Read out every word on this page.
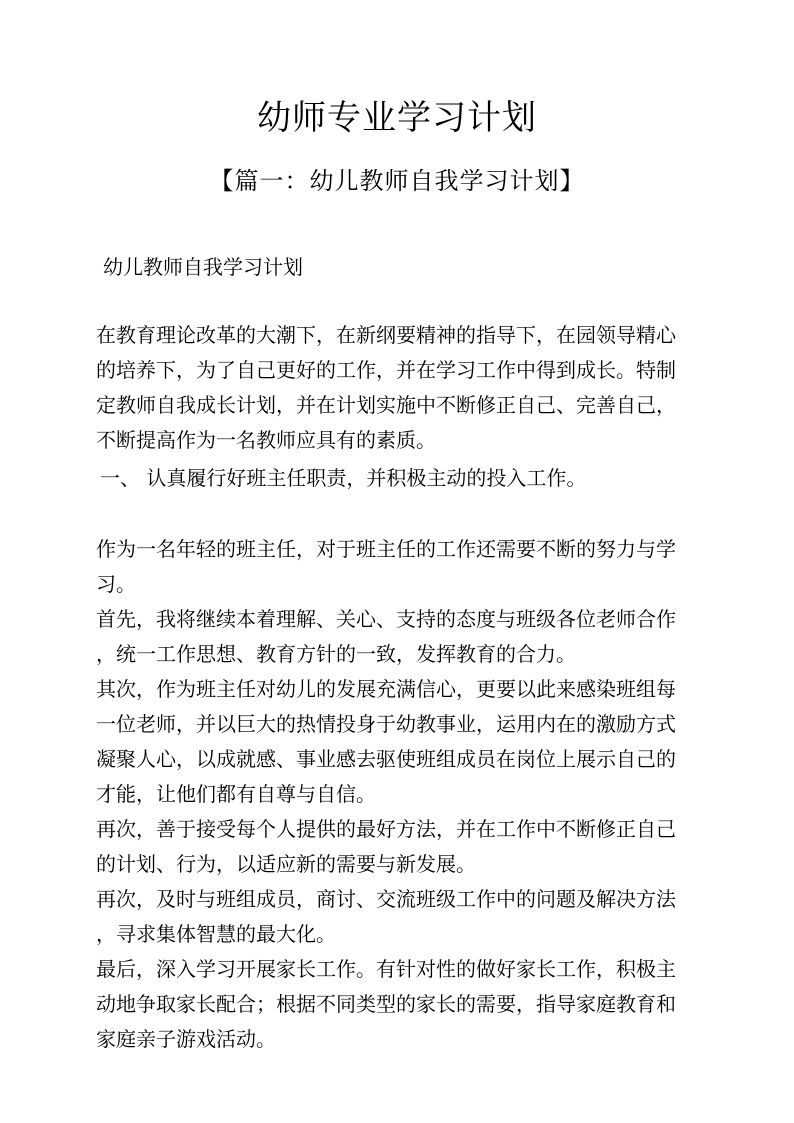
幼师专业学习计划
【篇一：幼儿教师自我学习计划】
幼儿教师自我学习计划
在教育理论改革的大潮下，在新纲要精神的指导下，在园领导精心
的培养下，为了自己更好的工作，并在学习工作中得到成长。特制
定教师自我成长计划，并在计划实施中不断修正自己、完善自己，
不断提高作为一名教师应具有的素质。
一、 认真履行好班主任职责，并积极主动的投入工作。
作为一名年轻的班主任，对于班主任的工作还需要不断的努力与学
习。
首先，我将继续本着理解、关心、支持的态度与班级各位老师合作
，统一工作思想、教育方针的一致，发挥教育的合力。
其次，作为班主任对幼儿的发展充满信心，更要以此来感染班组每
一位老师，并以巨大的热情投身于幼教事业，运用内在的激励方式
凝聚人心，以成就感、事业感去驱使班组成员在岗位上展示自己的
才能，让他们都有自尊与自信。
再次，善于接受每个人提供的最好方法，并在工作中不断修正自己
的计划、行为，以适应新的需要与新发展。
再次，及时与班组成员，商讨、交流班级工作中的问题及解决方法
，寻求集体智慧的最大化。
最后，深入学习开展家长工作。有针对性的做好家长工作，积极主
动地争取家长配合；根据不同类型的家长的需要，指导家庭教育和
家庭亲子游戏活动。
